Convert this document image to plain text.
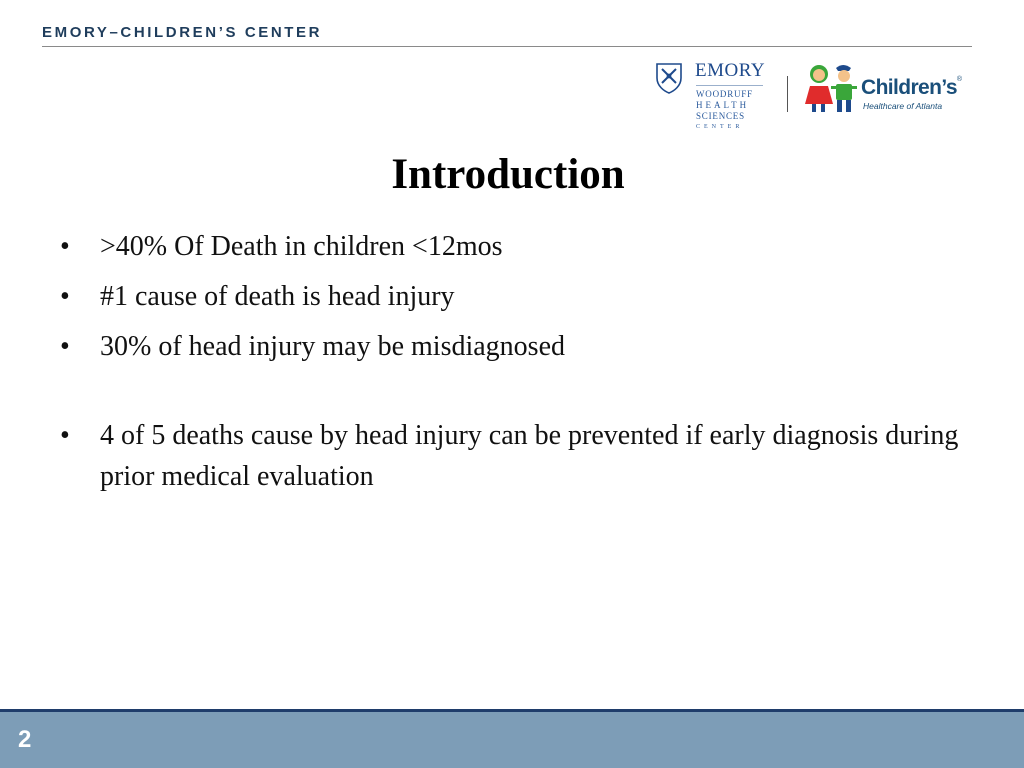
EMORY–CHILDREN’S CENTER
EMORY
WOODRUFF
HEALTH
SCIENCES
CENTER
Children’s®
Healthcare of Atlanta
Introduction
• >40% Of Death in children <12mos
• #1 cause of death is head injury
• 30% of head injury may be misdiagnosed
• 4 of 5 deaths cause by head injury can be prevented if early diagnosis during prior medical evaluation
2
